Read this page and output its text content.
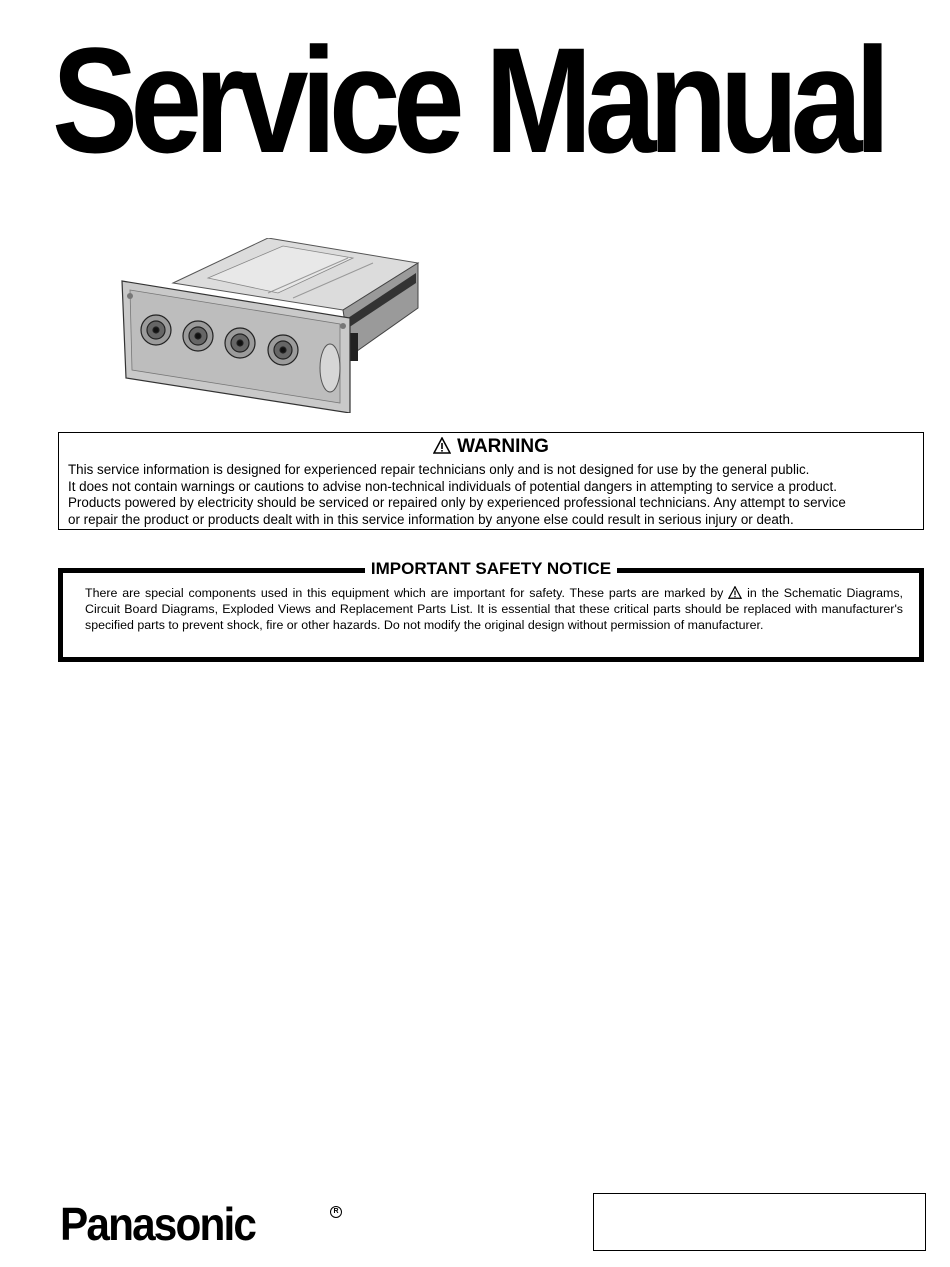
Service Manual
WARNING
This service information is designed for experienced repair technicians only and is not designed for use by the general public.
It does not contain warnings or cautions to advise non-technical individuals of potential dangers in attempting to service a product.
Products powered by electricity should be serviced or repaired only by experienced professional technicians. Any attempt to service
or repair the product or products dealt with in this service information by anyone else could result in serious injury or death.
IMPORTANT SAFETY NOTICE
There are special components used in this equipment which are important for safety. These parts are marked by in the Schematic Diagrams, Circuit Board Diagrams, Exploded Views and Replacement Parts List. It is essential that these critical parts should be replaced with manufacturer's specified parts to prevent shock, fire or other hazards. Do not modify the original design without permission of manufacturer.
Panasonic	R
